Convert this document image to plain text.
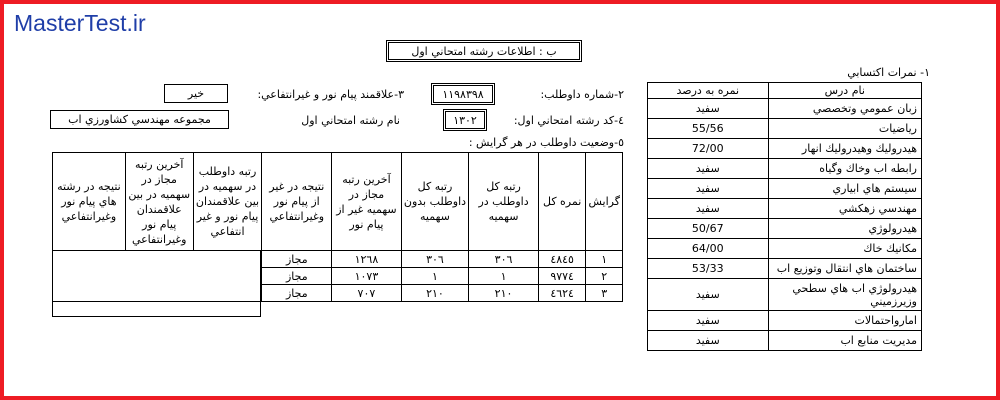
MasterTest.ir
ب : اطلاعات رشته امتحاني اول
٢-شماره داوطلب:
١١٩٨٣٩٨
٣-علاقمند پيام نور و غيرانتفاعي:
خير
٤-كد رشته امتحاني اول:
١٣٠٢
نام رشته امتحاني اول
مجموعه مهندسي كشاورزي اب
٥-وضعيت داوطلب در هر گرايش :
نتيجه در رشته هاي پيام نور وغيرانتفاعي	آخرين رتبه مجاز در سهميه در بين علاقمندان پيام نور وغيرانتفاعي	رتبه داوطلب در سهميه در بين علاقمندان پيام نور و غير انتفاعي	نتيجه در غير از پيام نور وغيرانتفاعي	آخرين رتبه مجاز در سهميه غير از پيام نور	رتبه كل داوطلب بدون سهميه	رتبه كل داوطلب در سهميه	نمره كل	گرايش
			مجاز	١٢٦٨	٣٠٦	٣٠٦	٤٨٤٥	١
			مجاز	١٠٧٣	١	١	٩٧٧٤	٢
			مجاز	٧٠٧	٢١٠	٢١٠	٤٦٢٤	٣
١- نمرات اكتسابي
نمره به درصد	نام درس
سفيد	زبان عمومي وتخصصي
55/56	رياضيات
72/00	هيدروليك وهيدروليك انهار
سفيد	رابطه اب وخاك وگياه
سفيد	سيستم هاي ابياري
سفيد	مهندسي زهكشي
50/67	هيدرولوژي
64/00	مكانيك خاك
53/33	ساختمان هاي انتقال وتوزيع اب
سفيد	هيدرولوژي اب هاي سطحي وزيرزميني
سفيد	امارواحتمالات
سفيد	مديريت منابع اب
